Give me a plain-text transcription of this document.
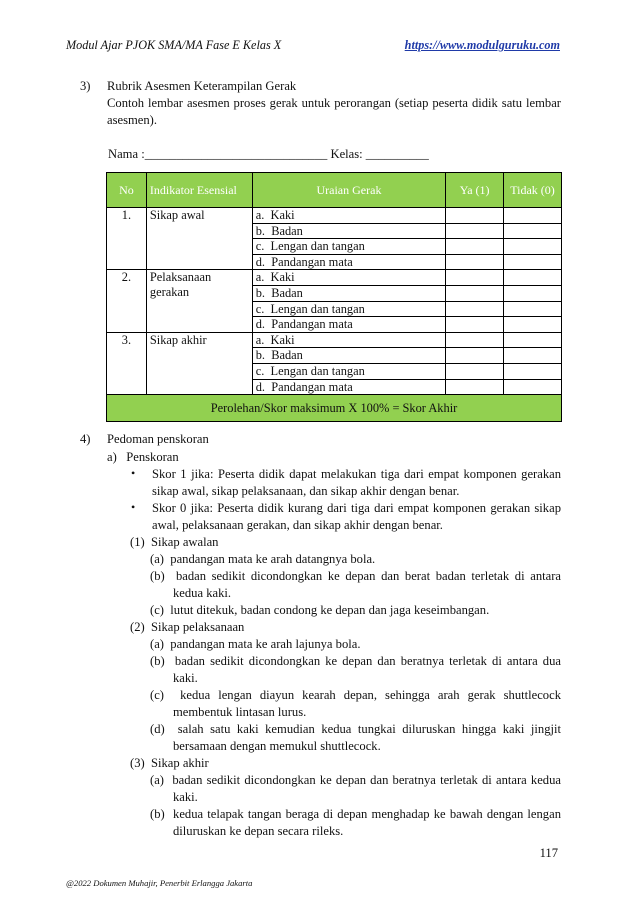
Modul Ajar PJOK SMA/MA Fase E Kelas X	https://www.modulguruku.com
3) Rubrik Asesmen Keterampilan Gerak
Contoh lembar asesmen proses gerak untuk perorangan (setiap peserta didik satu lembar asesmen).
Nama :_____________________________ Kelas: __________
No	Indikator Esensial	Uraian Gerak	Ya (1)	Tidak (0)
1.	Sikap awal	a.  Kaki		
		b.  Badan		
		c.  Lengan dan tangan		
		d.  Pandangan mata		
2.	Pelaksanaan gerakan	a.  Kaki		
		b.  Badan		
		c.  Lengan dan tangan		
		d.  Pandangan mata		
3.	Sikap akhir	a.  Kaki		
		b.  Badan		
		c.  Lengan dan tangan		
		d.  Pandangan mata		
Perolehan/Skor maksimum X 100% = Skor Akhir				
4) Pedoman penskoran
a)   Penskoran
• Skor 1 jika: Peserta didik dapat melakukan tiga dari empat komponen gerakan sikap awal, sikap pelaksanaan, dan sikap akhir dengan benar.
• Skor 0 jika: Peserta didik kurang dari tiga dari empat komponen gerakan sikap awal, pelaksanaan gerakan, dan sikap akhir dengan benar.
(1)  Sikap awalan
(a)  pandangan mata ke arah datangnya bola.
(b)  badan sedikit dicondongkan ke depan dan berat badan terletak di antara kedua kaki.
(c)  lutut ditekuk, badan condong ke depan dan jaga keseimbangan.
(2)  Sikap pelaksanaan
(a)  pandangan mata ke arah lajunya bola.
(b)  badan sedikit dicondongkan ke depan dan beratnya terletak di antara dua kaki.
(c)  kedua lengan diayun kearah depan, sehingga arah gerak shuttlecock membentuk lintasan lurus.
(d)  salah satu kaki kemudian kedua tungkai diluruskan hingga kaki jingjit bersamaan dengan memukul shuttlecock.
(3)  Sikap akhir
(a)  badan sedikit dicondongkan ke depan dan beratnya terletak di antara kedua kaki.
(b)  kedua telapak tangan beraga di depan menghadap ke bawah dengan lengan diluruskan ke depan secara rileks.
117
@2022 Dokumen Muhajir, Penerbit Erlangga Jakarta
